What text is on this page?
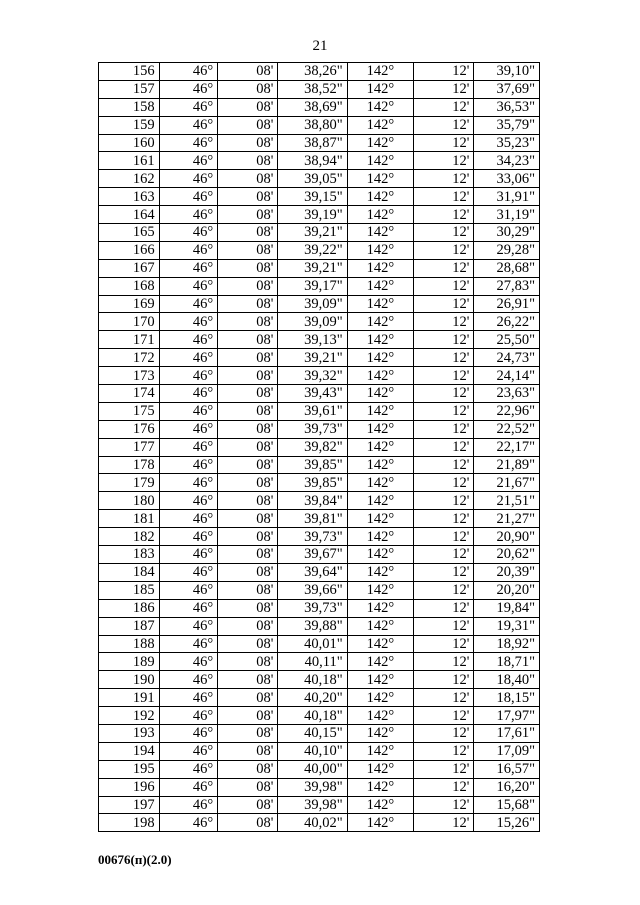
21
156	46°	08'	38,26"	142°	12'	39,10"
157	46°	08'	38,52"	142°	12'	37,69"
158	46°	08'	38,69"	142°	12'	36,53"
159	46°	08'	38,80"	142°	12'	35,79"
160	46°	08'	38,87"	142°	12'	35,23"
161	46°	08'	38,94"	142°	12'	34,23"
162	46°	08'	39,05"	142°	12'	33,06"
163	46°	08'	39,15"	142°	12'	31,91"
164	46°	08'	39,19"	142°	12'	31,19"
165	46°	08'	39,21"	142°	12'	30,29"
166	46°	08'	39,22"	142°	12'	29,28"
167	46°	08'	39,21"	142°	12'	28,68"
168	46°	08'	39,17"	142°	12'	27,83"
169	46°	08'	39,09"	142°	12'	26,91"
170	46°	08'	39,09"	142°	12'	26,22"
171	46°	08'	39,13"	142°	12'	25,50"
172	46°	08'	39,21"	142°	12'	24,73"
173	46°	08'	39,32"	142°	12'	24,14"
174	46°	08'	39,43"	142°	12'	23,63"
175	46°	08'	39,61"	142°	12'	22,96"
176	46°	08'	39,73"	142°	12'	22,52"
177	46°	08'	39,82"	142°	12'	22,17"
178	46°	08'	39,85"	142°	12'	21,89"
179	46°	08'	39,85"	142°	12'	21,67"
180	46°	08'	39,84"	142°	12'	21,51"
181	46°	08'	39,81"	142°	12'	21,27"
182	46°	08'	39,73"	142°	12'	20,90"
183	46°	08'	39,67"	142°	12'	20,62"
184	46°	08'	39,64"	142°	12'	20,39"
185	46°	08'	39,66"	142°	12'	20,20"
186	46°	08'	39,73"	142°	12'	19,84"
187	46°	08'	39,88"	142°	12'	19,31"
188	46°	08'	40,01"	142°	12'	18,92"
189	46°	08'	40,11"	142°	12'	18,71"
190	46°	08'	40,18"	142°	12'	18,40"
191	46°	08'	40,20"	142°	12'	18,15"
192	46°	08'	40,18"	142°	12'	17,97"
193	46°	08'	40,15"	142°	12'	17,61"
194	46°	08'	40,10"	142°	12'	17,09"
195	46°	08'	40,00"	142°	12'	16,57"
196	46°	08'	39,98"	142°	12'	16,20"
197	46°	08'	39,98"	142°	12'	15,68"
198	46°	08'	40,02"	142°	12'	15,26"
00676(п)(2.0)
